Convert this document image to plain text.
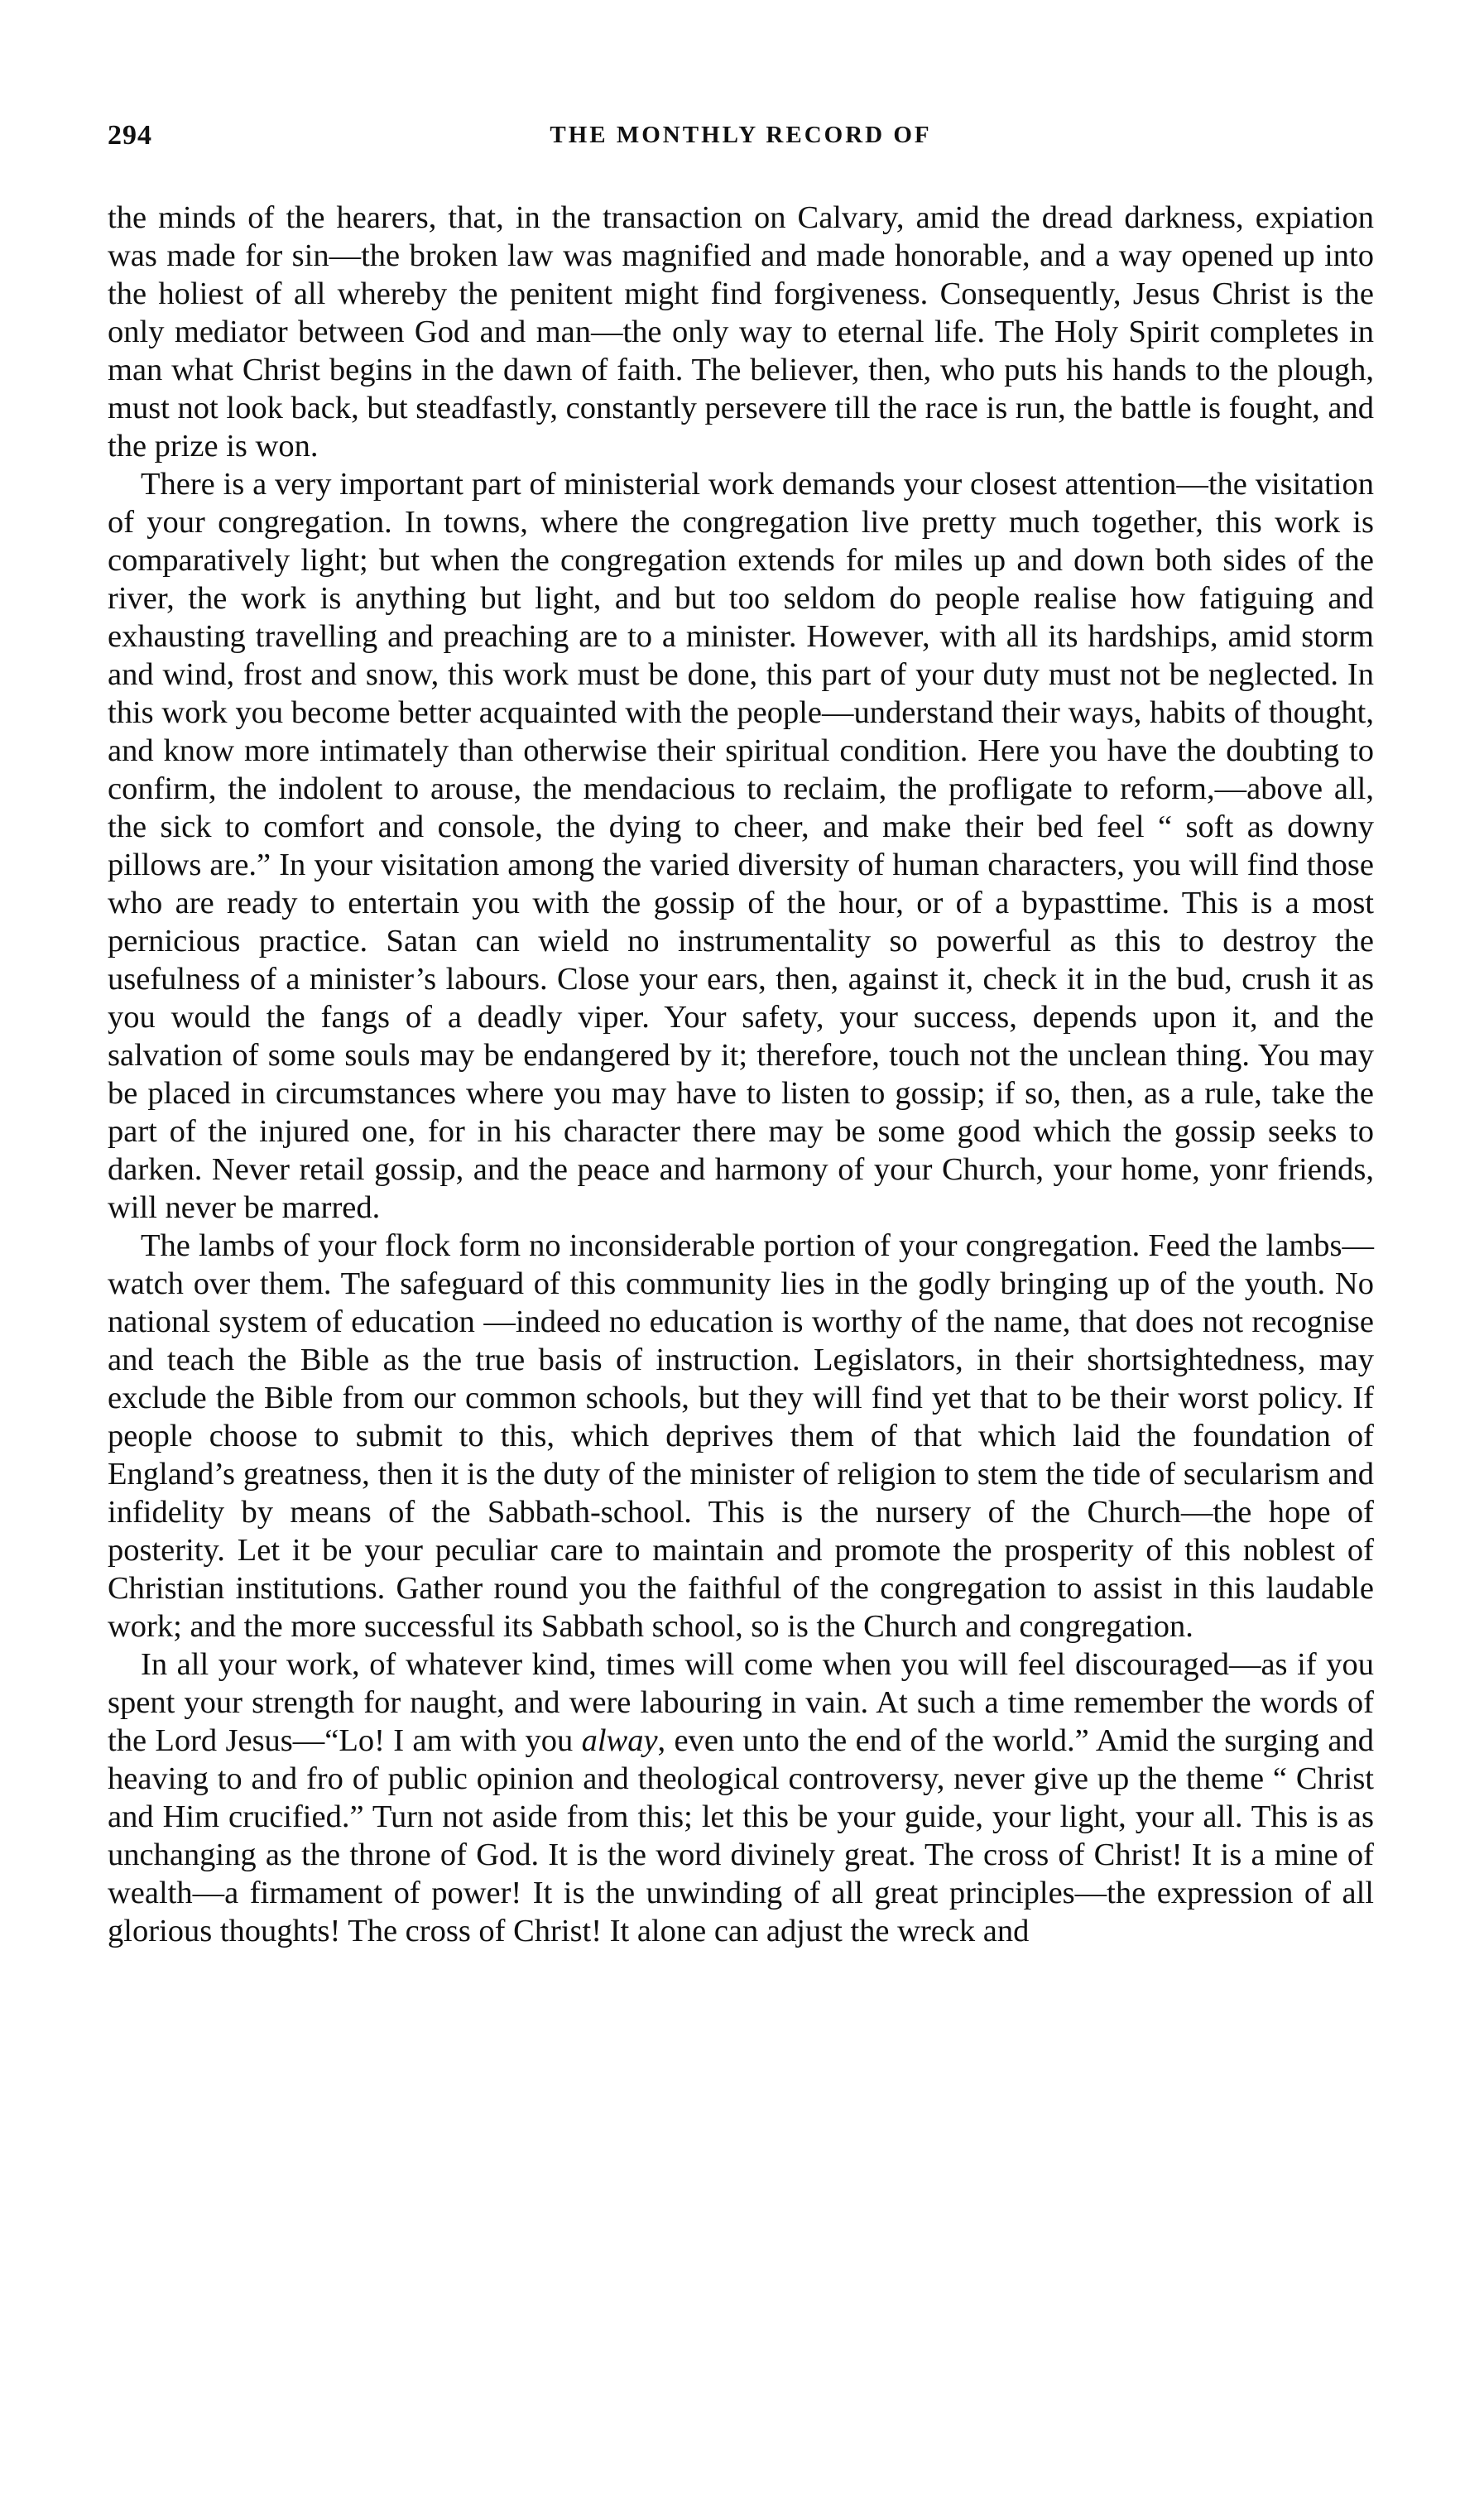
294	THE MONTHLY RECORD OF

the minds of the hearers, that, in the transaction on Calvary, amid the dread darkness, expiation was made for sin—the broken law was magnified and made honorable, and a way opened up into the holiest of all whereby the penitent might find forgiveness. Consequently, Jesus Christ is the only mediator between God and man—the only way to eternal life. The Holy Spirit completes in man what Christ begins in the dawn of faith. The believer, then, who puts his hands to the plough, must not look back, but steadfastly, constantly persevere till the race is run, the battle is fought, and the prize is won.

There is a very important part of ministerial work demands your closest attention—the visitation of your congregation. In towns, where the congregation live pretty much together, this work is comparatively light; but when the congregation extends for miles up and down both sides of the river, the work is anything but light, and but too seldom do people realise how fatiguing and exhausting travelling and preaching are to a minister. However, with all its hardships, amid storm and wind, frost and snow, this work must be done, this part of your duty must not be neglected. In this work you become better acquainted with the people—understand their ways, habits of thought, and know more intimately than otherwise their spiritual condition. Here you have the doubting to confirm, the indolent to arouse, the mendacious to reclaim, the profligate to reform,—above all, the sick to comfort and console, the dying to cheer, and make their bed feel “ soft as downy pillows are.” In your visitation among the varied diversity of human characters, you will find those who are ready to entertain you with the gossip of the hour, or of a bypasttime. This is a most pernicious practice. Satan can wield no instrumentality so powerful as this to destroy the usefulness of a minister’s labours. Close your ears, then, against it, check it in the bud, crush it as you would the fangs of a deadly viper. Your safety, your success, depends upon it, and the salvation of some souls may be endangered by it; therefore, touch not the unclean thing. You may be placed in circumstances where you may have to listen to gossip; if so, then, as a rule, take the part of the injured one, for in his character there may be some good which the gossip seeks to darken. Never retail gossip, and the peace and harmony of your Church, your home, yonr friends, will never be marred.

The lambs of your flock form no inconsiderable portion of your congregation. Feed the lambs—watch over them. The safeguard of this community lies in the godly bringing up of the youth. No national system of education —indeed no education is worthy of the name, that does not recognise and teach the Bible as the true basis of instruction. Legislators, in their shortsightedness, may exclude the Bible from our common schools, but they will find yet that to be their worst policy. If people choose to submit to this, which deprives them of that which laid the foundation of England’s greatness, then it is the duty of the minister of religion to stem the tide of secularism and infidelity by means of the Sabbath-school. This is the nursery of the Church—the hope of posterity. Let it be your peculiar care to maintain and promote the prosperity of this noblest of Christian institutions. Gather round you the faithful of the congregation to assist in this laudable work; and the more successful its Sabbath school, so is the Church and congregation.

In all your work, of whatever kind, times will come when you will feel discouraged—as if you spent your strength for naught, and were labouring in vain. At such a time remember the words of the Lord Jesus—“Lo! I am with you alway, even unto the end of the world.” Amid the surging and heaving to and fro of public opinion and theological controversy, never give up the theme “ Christ and Him crucified.” Turn not aside from this; let this be your guide, your light, your all. This is as unchanging as the throne of God. It is the word divinely great. The cross of Christ! It is a mine of wealth—a firmament of power! It is the unwinding of all great principles—the expression of all glorious thoughts! The cross of Christ! It alone can adjust the wreck and
